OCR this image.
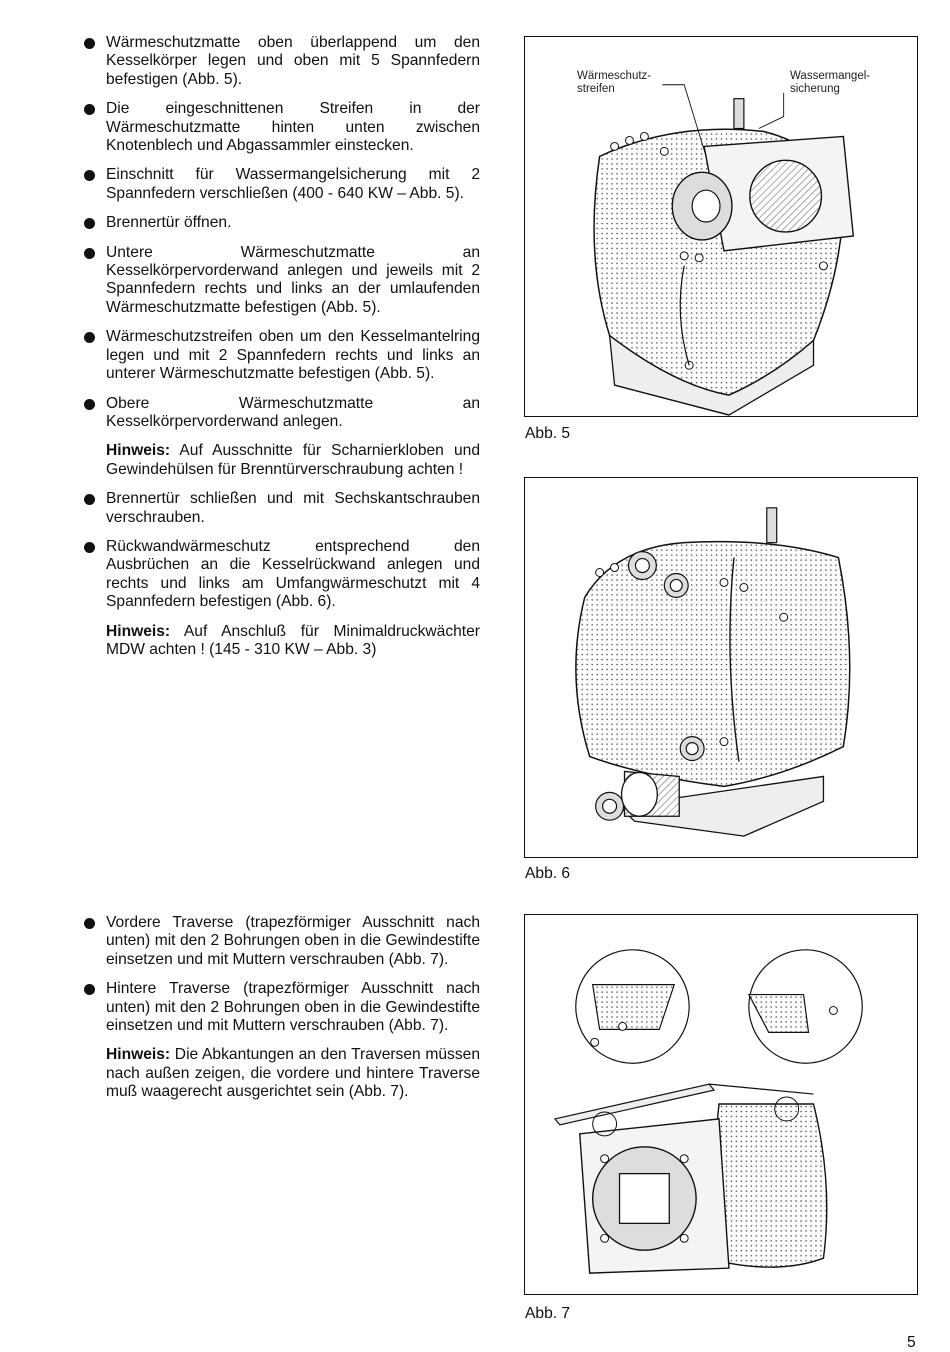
Wärmeschutzmatte oben überlappend um den Kesselkörper legen und oben mit 5 Spannfedern befestigen (Abb. 5).
Die eingeschnittenen Streifen in der Wärmeschutzmatte hinten unten zwischen Knotenblech und Abgassammler einstecken.
Einschnitt für Wassermangelsicherung mit 2 Spannfedern verschließen (400 - 640 KW – Abb. 5).
Brennertür öffnen.
Untere Wärmeschutzmatte an Kesselkörpervorderwand anlegen und jeweils mit 2 Spannfedern rechts und links an der umlaufenden Wärmeschutzmatte befestigen (Abb. 5).
Wärmeschutzstreifen oben um den Kesselmantelring legen und mit 2 Spannfedern rechts und links an unterer Wärmeschutzmatte befestigen (Abb. 5).
Obere Wärmeschutzmatte an Kesselkörpervorderwand anlegen.
Hinweis: Auf Ausschnitte für Scharnierkloben und Gewindehülsen für Brenntürverschraubung achten !
Brennertür schließen und mit Sechskantschrauben verschrauben.
Rückwandwärmeschutz entsprechend den Ausbrüchen an die Kesselrückwand anlegen und rechts und links am Umfangwärmeschutzt mit 4 Spannfedern befestigen (Abb. 6).
Hinweis: Auf Anschluß für Minimaldruckwächter MDW achten ! (145 - 310 KW – Abb. 3)
Vordere Traverse (trapezförmiger Ausschnitt nach unten) mit den 2 Bohrungen oben in die Gewindestifte einsetzen und mit Muttern verschrauben (Abb. 7).
Hintere Traverse (trapezförmiger Ausschnitt nach unten) mit den 2 Bohrungen oben in die Gewindestifte einsetzen und mit Muttern verschrauben (Abb. 7).
Hinweis: Die Abkantungen an den Traversen müssen nach außen zeigen, die vordere und hintere Traverse muß waagerecht ausgerichtet sein (Abb. 7).
Wärmeschutz-
streifen
Wassermangel-
sicherung
Abb. 5
Abb. 6
Abb. 7
5
